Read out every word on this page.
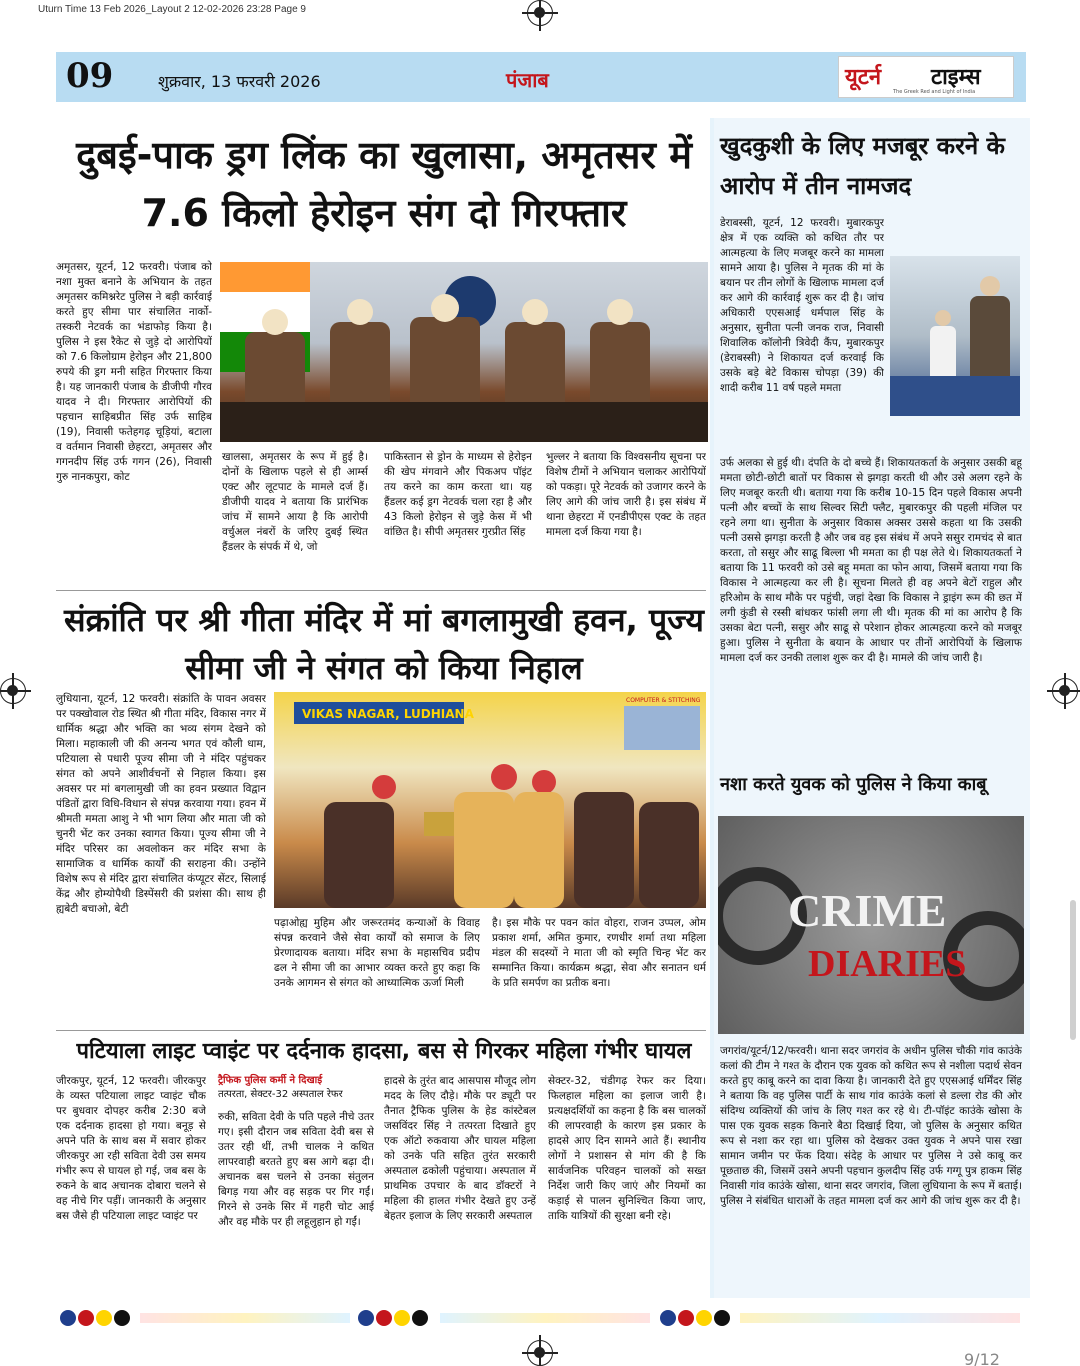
Uturn Time 13 Feb 2026_Layout 2 12-02-2026 23:28 Page 9
09	शुक्रवार, 13 फरवरी 2026	पंजाब	यूटर्न टाइम्स
The Greek Red and Light of India
दुबई-पाक ड्रग लिंक का खुलासा, अमृतसर में 7.6 किलो हेरोइन संग दो गिरफ्तार
अमृतसर, यूटर्न, 12 फरवरी। पंजाब को नशा मुक्त बनाने के अभियान के तहत अमृतसर कमिश्नरेट पुलिस ने बड़ी कार्रवाई करते हुए सीमा पार संचालित नार्को-तस्करी नेटवर्क का भंडाफोड़ किया है। पुलिस ने इस रैकेट से जुड़े दो आरोपियों को 7.6 किलोग्राम हेरोइन और 21,800 रुपये की ड्रग मनी सहित गिरफ्तार किया है। यह जानकारी पंजाब के डीजीपी गौरव यादव ने दी। गिरफ्तार आरोपियों की पहचान साहिबप्रीत सिंह उर्फ साहिब (19), निवासी फतेहगढ़ चूड़ियां, बटाला व वर्तमान निवासी छेहरटा, अमृतसर और गगनदीप सिंह उर्फ गगन (26), निवासी गुरु नानकपुरा, कोट
खालसा, अमृतसर के रूप में हुई है। दोनों के खिलाफ पहले से ही आर्म्स एक्ट और लूटपाट के मामले दर्ज हैं। डीजीपी यादव ने बताया कि प्रारंभिक जांच में सामने आया है कि आरोपी वर्चुअल नंबरों के जरिए दुबई स्थित हैंडलर के संपर्क में थे, जो
पाकिस्तान से ड्रोन के माध्यम से हेरोइन की खेप मंगवाने और पिकअप पॉइंट तय करने का काम करता था। यह हैंडलर कई ड्रग नेटवर्क चला रहा है और 43 किलो हेरोइन से जुड़े केस में भी वांछित है। सीपी अमृतसर गुरप्रीत सिंह
भुल्लर ने बताया कि विश्वसनीय सूचना पर विशेष टीमों ने अभियान चलाकर आरोपियों को पकड़ा। पूरे नेटवर्क को उजागर करने के लिए आगे की जांच जारी है। इस संबंध में थाना छेहरटा में एनडीपीएस एक्ट के तहत मामला दर्ज किया गया है।
संक्रांति पर श्री गीता मंदिर में मां बगलामुखी हवन, पूज्य सीमा जी ने संगत को किया निहाल
लुधियाना, यूटर्न, 12 फरवरी। संक्रांति के पावन अवसर पर पक्खोवाल रोड स्थित श्री गीता मंदिर, विकास नगर में धार्मिक श्रद्धा और भक्ति का भव्य संगम देखने को मिला। महाकाली जी की अनन्य भगत एवं कौली धाम, पटियाला से पधारी पूज्य सीमा जी ने मंदिर पहुंचकर संगत को अपने आशीर्वचनों से निहाल किया। इस अवसर पर मां बगलामुखी जी का हवन प्रख्यात विद्वान पंडितों द्वारा विधि-विधान से संपन्न करवाया गया। हवन में श्रीमती ममता आशु ने भी भाग लिया और माता जी को चुनरी भेंट कर उनका स्वागत किया। पूज्य सीमा जी ने मंदिर परिसर का अवलोकन कर मंदिर सभा के सामाजिक व धार्मिक कार्यों की सराहना की। उन्होंने विशेष रूप से मंदिर द्वारा संचालित कंप्यूटर सेंटर, सिलाई केंद्र और होम्योपैथी डिस्पेंसरी की प्रशंसा की। साथ ही ह्यबेटी बचाओ, बेटी
VIKAS NAGAR, LUDHIANA
COMPUTER & STITCHING
पढ़ाओह्य मुहिम और जरूरतमंद कन्याओं के विवाह संपन्न करवाने जैसे सेवा कार्यों को समाज के लिए प्रेरणादायक बताया। मंदिर सभा के महासचिव प्रदीप ढल ने सीमा जी का आभार व्यक्त करते हुए कहा कि उनके आगमन से संगत को आध्यात्मिक ऊर्जा मिली
है। इस मौके पर पवन कांत वोहरा, राजन उप्पल, ओम प्रकाश शर्मा, अमित कुमार, रणधीर शर्मा तथा महिला मंडल की सदस्यों ने माता जी को स्मृति चिन्ह भेंट कर सम्मानित किया। कार्यक्रम श्रद्धा, सेवा और सनातन धर्म के प्रति समर्पण का प्रतीक बना।
पटियाला लाइट प्वाइंट पर दर्दनाक हादसा, बस से गिरकर महिला गंभीर घायल
जीरकपुर, यूटर्न, 12 फरवरी। जीरकपुर के व्यस्त पटियाला लाइट प्वाइंट चौक पर बुधवार दोपहर करीब 2:30 बजे एक दर्दनाक हादसा हो गया। बनूड़ से अपने पति के साथ बस में सवार होकर जीरकपुर आ रही सविता देवी उस समय गंभीर रूप से घायल हो गई, जब बस के रुकने के बाद अचानक दोबारा चलने से वह नीचे गिर पड़ीं। जानकारी के अनुसार बस जैसे ही पटियाला लाइट प्वाइंट पर
ट्रैफिक पुलिस कर्मी ने दिखाई
तत्परता, सेक्टर-32 अस्पताल रेफर
रुकी, सविता देवी के पति पहले नीचे उतर गए। इसी दौरान जब सविता देवी बस से उतर रही थीं, तभी चालक ने कथित लापरवाही बरतते हुए बस आगे बढ़ा दी। अचानक बस चलने से उनका संतुलन बिगड़ गया और वह सड़क पर गिर गईं। गिरने से उनके सिर में गहरी चोट आई और वह मौके पर ही लहूलुहान हो गईं।
हादसे के तुरंत बाद आसपास मौजूद लोग मदद के लिए दौड़े। मौके पर ड्यूटी पर तैनात ट्रैफिक पुलिस के हेड कांस्टेबल जसविंदर सिंह ने तत्परता दिखाते हुए एक ऑटो रुकवाया और घायल महिला को उनके पति सहित तुरंत सरकारी अस्पताल ढकोली पहुंचाया। अस्पताल में प्राथमिक उपचार के बाद डॉक्टरों ने महिला की हालत गंभीर देखते हुए उन्हें बेहतर इलाज के लिए सरकारी अस्पताल
सेक्टर-32, चंडीगढ़ रेफर कर दिया। फिलहाल महिला का इलाज जारी है। प्रत्यक्षदर्शियों का कहना है कि बस चालकों की लापरवाही के कारण इस प्रकार के हादसे आए दिन सामने आते हैं। स्थानीय लोगों ने प्रशासन से मांग की है कि सार्वजनिक परिवहन चालकों को सख्त निर्देश जारी किए जाएं और नियमों का कड़ाई से पालन सुनिश्चित किया जाए, ताकि यात्रियों की सुरक्षा बनी रहे।
खुदकुशी के लिए मजबूर करने के आरोप में तीन नामजद
डेराबस्सी, यूटर्न, 12 फरवरी। मुबारकपुर क्षेत्र में एक व्यक्ति को कथित तौर पर आत्महत्या के लिए मजबूर करने का मामला सामने आया है। पुलिस ने मृतक की मां के बयान पर तीन लोगों के खिलाफ मामला दर्ज कर आगे की कार्रवाई शुरू कर दी है। जांच अधिकारी एएसआई धर्मपाल सिंह के अनुसार, सुनीता पत्नी जनक राज, निवासी शिवालिक कॉलोनी त्रिवेदी कैंप, मुबारकपुर (डेराबस्सी) ने शिकायत दर्ज करवाई कि उसके बड़े बेटे विकास चोपड़ा (39) की शादी करीब 11 वर्ष पहले ममता
उर्फ अलका से हुई थी। दंपति के दो बच्चे हैं। शिकायतकर्ता के अनुसार उसकी बहू ममता छोटी-छोटी बातों पर विकास से झगड़ा करती थी और उसे अलग रहने के लिए मजबूर करती थी। बताया गया कि करीब 10-15 दिन पहले विकास अपनी पत्नी और बच्चों के साथ सिल्वर सिटी फ्लैट, मुबारकपुर की पहली मंजिल पर रहने लगा था। सुनीता के अनुसार विकास अक्सर उससे कहता था कि उसकी पत्नी उससे झगड़ा करती है और जब वह इस संबंध में अपने ससुर रामचंद से बात करता, तो ससुर और साढू बिल्ला भी ममता का ही पक्ष लेते थे। शिकायतकर्ता ने बताया कि 11 फरवरी को उसे बहू ममता का फोन आया, जिसमें बताया गया कि विकास ने आत्महत्या कर ली है। सूचना मिलते ही वह अपने बेटों राहुल और हरिओम के साथ मौके पर पहुंची, जहां देखा कि विकास ने ड्राइंग रूम की छत में लगी कुंडी से रस्सी बांधकर फांसी लगा ली थी। मृतक की मां का आरोप है कि उसका बेटा पत्नी, ससुर और साढू से परेशान होकर आत्महत्या करने को मजबूर हुआ। पुलिस ने सुनीता के बयान के आधार पर तीनों आरोपियों के खिलाफ मामला दर्ज कर उनकी तलाश शुरू कर दी है। मामले की जांच जारी है।
नशा करते युवक को पुलिस ने किया काबू
CRIME
DIARIES
जगरांव/यूटर्न/12/फरवरी। थाना सदर जगरांव के अधीन पुलिस चौकी गांव काउंके कलां की टीम ने गश्त के दौरान एक युवक को कथित रूप से नशीला पदार्थ सेवन करते हुए काबू करने का दावा किया है। जानकारी देते हुए एएसआई धर्मिंदर सिंह ने बताया कि वह पुलिस पार्टी के साथ गांव काउंके कलां से डल्ला रोड की ओर संदिग्ध व्यक्तियों की जांच के लिए गश्त कर रहे थे। टी-पॉइंट काउंके खोसा के पास एक युवक सड़क किनारे बैठा दिखाई दिया, जो पुलिस के अनुसार कथित रूप से नशा कर रहा था। पुलिस को देखकर उक्त युवक ने अपने पास रखा सामान जमीन पर फेंक दिया। संदेह के आधार पर पुलिस ने उसे काबू कर पूछताछ की, जिसमें उसने अपनी पहचान कुलदीप सिंह उर्फ गग्गू पुत्र हाकम सिंह निवासी गांव काउंके खोसा, थाना सदर जगरांव, जिला लुधियाना के रूप में बताई। पुलिस ने संबंधित धाराओं के तहत मामला दर्ज कर आगे की जांच शुरू कर दी है।
9/12
